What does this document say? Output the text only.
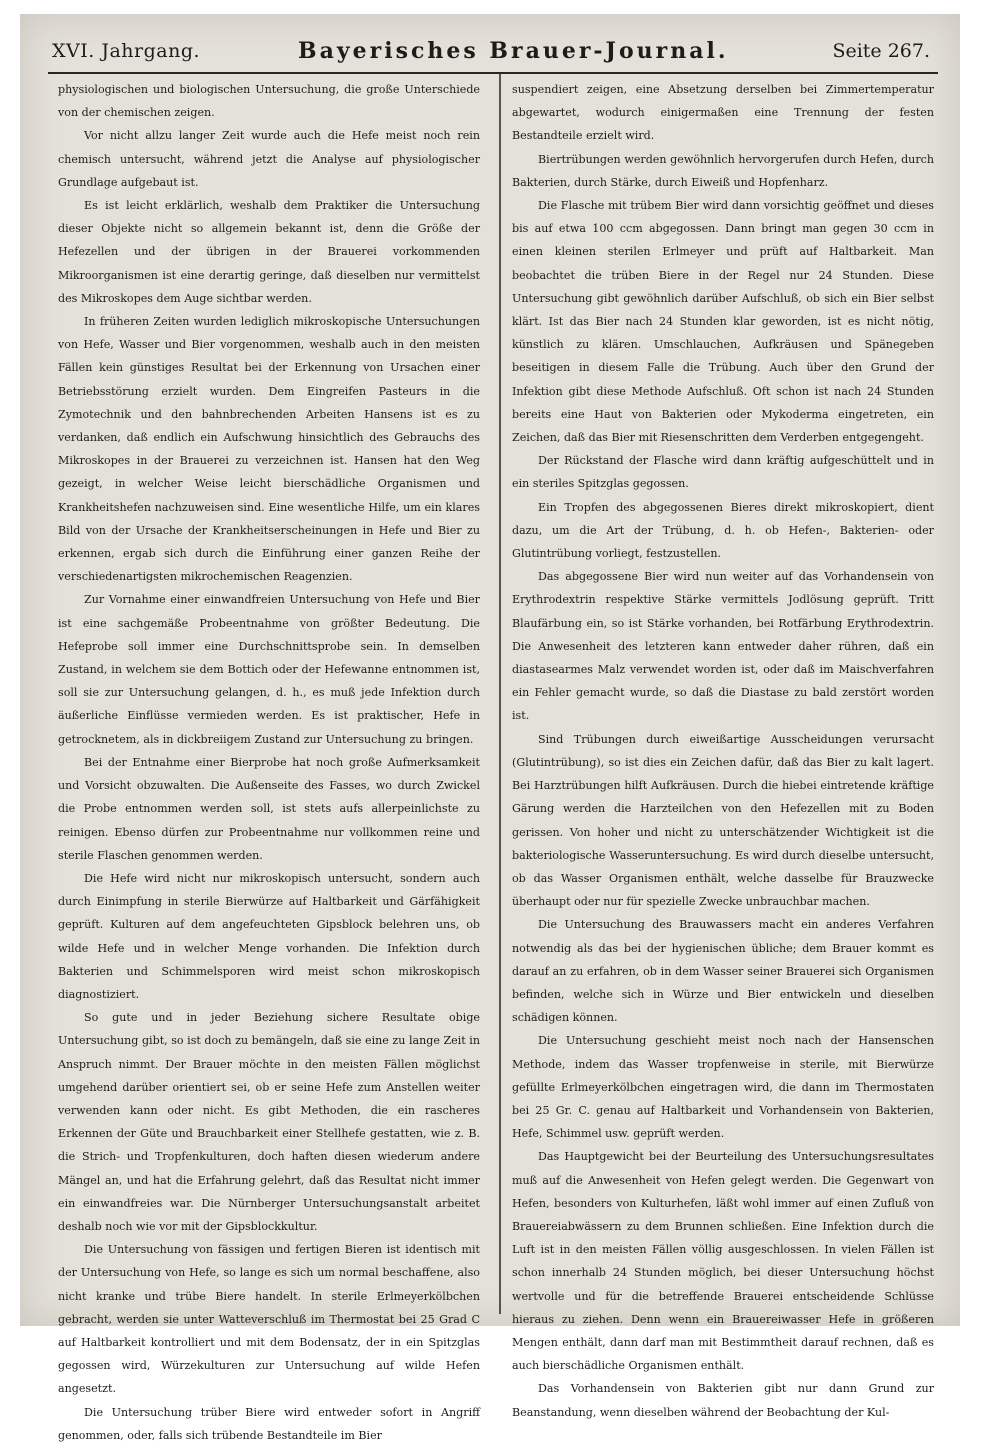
XVI. Jahrgang.	Bayerisches Brauer-Journal.	Seite 267.

physiologischen und biologischen Untersuchung, die große Unterschiede von der chemischen zeigen.

Vor nicht allzu langer Zeit wurde auch die Hefe meist noch rein chemisch untersucht, während jetzt die Analyse auf physiologischer Grundlage aufgebaut ist.

Es ist leicht erklärlich, weshalb dem Praktiker die Untersuchung dieser Objekte nicht so allgemein bekannt ist, denn die Größe der Hefezellen und der übrigen in der Brauerei vorkommenden Mikroorganismen ist eine derartig geringe, daß dieselben nur vermittelst des Mikroskopes dem Auge sichtbar werden.

In früheren Zeiten wurden lediglich mikroskopische Untersuchungen von Hefe, Wasser und Bier vorgenommen, weshalb auch in den meisten Fällen kein günstiges Resultat bei der Erkennung von Ursachen einer Betriebsstörung erzielt wurden. Dem Eingreifen Pasteurs in die Zymotechnik und den bahnbrechenden Arbeiten Hansens ist es zu verdanken, daß endlich ein Aufschwung hinsichtlich des Gebrauchs des Mikroskopes in der Brauerei zu verzeichnen ist. Hansen hat den Weg gezeigt, in welcher Weise leicht bierschädliche Organismen und Krankheitshefen nachzuweisen sind. Eine wesentliche Hilfe, um ein klares Bild von der Ursache der Krankheitserscheinungen in Hefe und Bier zu erkennen, ergab sich durch die Einführung einer ganzen Reihe der verschiedenartigsten mikrochemischen Reagenzien.

Zur Vornahme einer einwandfreien Untersuchung von Hefe und Bier ist eine sachgemäße Probeentnahme von größter Bedeutung. Die Hefeprobe soll immer eine Durchschnittsprobe sein. In demselben Zustand, in welchem sie dem Bottich oder der Hefewanne entnommen ist, soll sie zur Untersuchung gelangen, d. h., es muß jede Infektion durch äußerliche Einflüsse vermieden werden. Es ist praktischer, Hefe in getrocknetem, als in dickbreiigem Zustand zur Untersuchung zu bringen.

Bei der Entnahme einer Bierprobe hat noch große Aufmerksamkeit und Vorsicht obzuwalten. Die Außenseite des Fasses, wo durch Zwickel die Probe entnommen werden soll, ist stets aufs allerpeinlichste zu reinigen. Ebenso dürfen zur Probeentnahme nur vollkommen reine und sterile Flaschen genommen werden.

Die Hefe wird nicht nur mikroskopisch untersucht, sondern auch durch Einimpfung in sterile Bierwürze auf Haltbarkeit und Gärfähigkeit geprüft. Kulturen auf dem angefeuchteten Gipsblock belehren uns, ob wilde Hefe und in welcher Menge vorhanden. Die Infektion durch Bakterien und Schimmelsporen wird meist schon mikroskopisch diagnostiziert.

So gute und in jeder Beziehung sichere Resultate obige Untersuchung gibt, so ist doch zu bemängeln, daß sie eine zu lange Zeit in Anspruch nimmt. Der Brauer möchte in den meisten Fällen möglichst umgehend darüber orientiert sei, ob er seine Hefe zum Anstellen weiter verwenden kann oder nicht. Es gibt Methoden, die ein rascheres Erkennen der Güte und Brauchbarkeit einer Stellhefe gestatten, wie z. B. die Strich- und Tropfenkulturen, doch haften diesen wiederum andere Mängel an, und hat die Erfahrung gelehrt, daß das Resultat nicht immer ein einwandfreies war. Die Nürnberger Untersuchungsanstalt arbeitet deshalb noch wie vor mit der Gipsblockkultur.

Die Untersuchung von fässigen und fertigen Bieren ist identisch mit der Untersuchung von Hefe, so lange es sich um normal beschaffene, also nicht kranke und trübe Biere handelt. In sterile Erlmeyerkölbchen gebracht, werden sie unter Watteverschluß im Thermostat bei 25 Grad C auf Haltbarkeit kontrolliert und mit dem Bodensatz, der in ein Spitzglas gegossen wird, Würzekulturen zur Untersuchung auf wilde Hefen angesetzt.

Die Untersuchung trüber Biere wird entweder sofort in Angriff genommen, oder, falls sich trübende Bestandteile im Bier

suspendiert zeigen, eine Absetzung derselben bei Zimmertemperatur abgewartet, wodurch einigermaßen eine Trennung der festen Bestandteile erzielt wird.

Biertrübungen werden gewöhnlich hervorgerufen durch Hefen, durch Bakterien, durch Stärke, durch Eiweiß und Hopfenharz.

Die Flasche mit trübem Bier wird dann vorsichtig geöffnet und dieses bis auf etwa 100 ccm abgegossen. Dann bringt man gegen 30 ccm in einen kleinen sterilen Erlmeyer und prüft auf Haltbarkeit. Man beobachtet die trüben Biere in der Regel nur 24 Stunden. Diese Untersuchung gibt gewöhnlich darüber Aufschluß, ob sich ein Bier selbst klärt. Ist das Bier nach 24 Stunden klar geworden, ist es nicht nötig, künstlich zu klären. Umschlauchen, Aufkräusen und Spänegeben beseitigen in diesem Falle die Trübung. Auch über den Grund der Infektion gibt diese Methode Aufschluß. Oft schon ist nach 24 Stunden bereits eine Haut von Bakterien oder Mykoderma eingetreten, ein Zeichen, daß das Bier mit Riesenschritten dem Verderben entgegengeht.

Der Rückstand der Flasche wird dann kräftig aufgeschüttelt und in ein steriles Spitzglas gegossen.

Ein Tropfen des abgegossenen Bieres direkt mikroskopiert, dient dazu, um die Art der Trübung, d. h. ob Hefen-, Bakterien- oder Glutintrübung vorliegt, festzustellen.

Das abgegossene Bier wird nun weiter auf das Vorhandensein von Erythrodextrin respektive Stärke vermittels Jodlösung geprüft. Tritt Blaufärbung ein, so ist Stärke vorhanden, bei Rotfärbung Erythrodextrin. Die Anwesenheit des letzteren kann entweder daher rühren, daß ein diastasearmes Malz verwendet worden ist, oder daß im Maischverfahren ein Fehler gemacht wurde, so daß die Diastase zu bald zerstört worden ist.

Sind Trübungen durch eiweißartige Ausscheidungen verursacht (Glutintrübung), so ist dies ein Zeichen dafür, daß das Bier zu kalt lagert. Bei Harztrübungen hilft Aufkräusen. Durch die hiebei eintretende kräftige Gärung werden die Harzteilchen von den Hefezellen mit zu Boden gerissen. Von hoher und nicht zu unterschätzender Wichtigkeit ist die bakteriologische Wasseruntersuchung. Es wird durch dieselbe untersucht, ob das Wasser Organismen enthält, welche dasselbe für Brauzwecke überhaupt oder nur für spezielle Zwecke unbrauchbar machen.

Die Untersuchung des Brauwassers macht ein anderes Verfahren notwendig als das bei der hygienischen übliche; dem Brauer kommt es darauf an zu erfahren, ob in dem Wasser seiner Brauerei sich Organismen befinden, welche sich in Würze und Bier entwickeln und dieselben schädigen können.

Die Untersuchung geschieht meist noch nach der Hansenschen Methode, indem das Wasser tropfenweise in sterile, mit Bierwürze gefüllte Erlmeyerkölbchen eingetragen wird, die dann im Thermostaten bei 25 Gr. C. genau auf Haltbarkeit und Vorhandensein von Bakterien, Hefe, Schimmel usw. geprüft werden.

Das Hauptgewicht bei der Beurteilung des Untersuchungsresultates muß auf die Anwesenheit von Hefen gelegt werden. Die Gegenwart von Hefen, besonders von Kulturhefen, läßt wohl immer auf einen Zufluß von Brauereiabwässern zu dem Brunnen schließen. Eine Infektion durch die Luft ist in den meisten Fällen völlig ausgeschlossen. In vielen Fällen ist schon innerhalb 24 Stunden möglich, bei dieser Untersuchung höchst wertvolle und für die betreffende Brauerei entscheidende Schlüsse hieraus zu ziehen. Denn wenn ein Brauereiwasser Hefe in größeren Mengen enthält, dann darf man mit Bestimmtheit darauf rechnen, daß es auch bierschädliche Organismen enthält.

Das Vorhandensein von Bakterien gibt nur dann Grund zur Beanstandung, wenn dieselben während der Beobachtung der Kul-
